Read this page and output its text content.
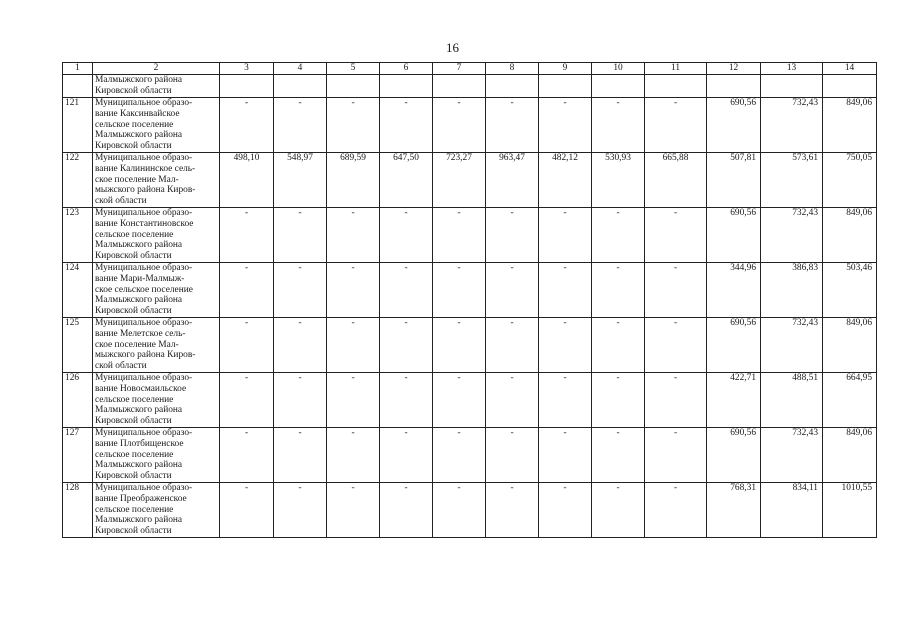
16
1	2	3	4	5	6	7	8	9	10	11	12	13	14

	Малмыжского района
Кировской области												

121	Муниципальное образо-
вание Каксинвайское
сельское поселение
Малмыжского района
Кировской области	-	-	-	-	-	-	-	-	-	690,56	732,43	849,06
122	Муниципальное образо-
вание Калининское сель-
ское поселение Мал-
мыжского района Киров-
ской области	498,10	548,97	689,59	647,50	723,27	963,47	482,12	530,93	665,88	507,81	573,61	750,05
123	Муниципальное образо-
вание Константиновское
сельское поселение
Малмыжского района
Кировской области	-	-	-	-	-	-	-	-	-	690,56	732,43	849,06
124	Муниципальное образо-
вание Мари-Малмыж-
ское сельское поселение
Малмыжского района
Кировской области	-	-	-	-	-	-	-	-	-	344,96	386,83	503,46
125	Муниципальное образо-
вание Мелетское сель-
ское поселение Мал-
мыжского района Киров-
ской области	-	-	-	-	-	-	-	-	-	690,56	732,43	849,06
126	Муниципальное образо-
вание Новосмаильское
сельское поселение
Малмыжского района
Кировской области	-	-	-	-	-	-	-	-	-	422,71	488,51	664,95
127	Муниципальное образо-
вание Плотбищенское
сельское поселение
Малмыжского района
Кировской области	-	-	-	-	-	-	-	-	-	690,56	732,43	849,06
128	Муниципальное образо-
вание Преображенское
сельское поселение
Малмыжского района
Кировской области	-	-	-	-	-	-	-	-	-	768,31	834,11	1010,55
